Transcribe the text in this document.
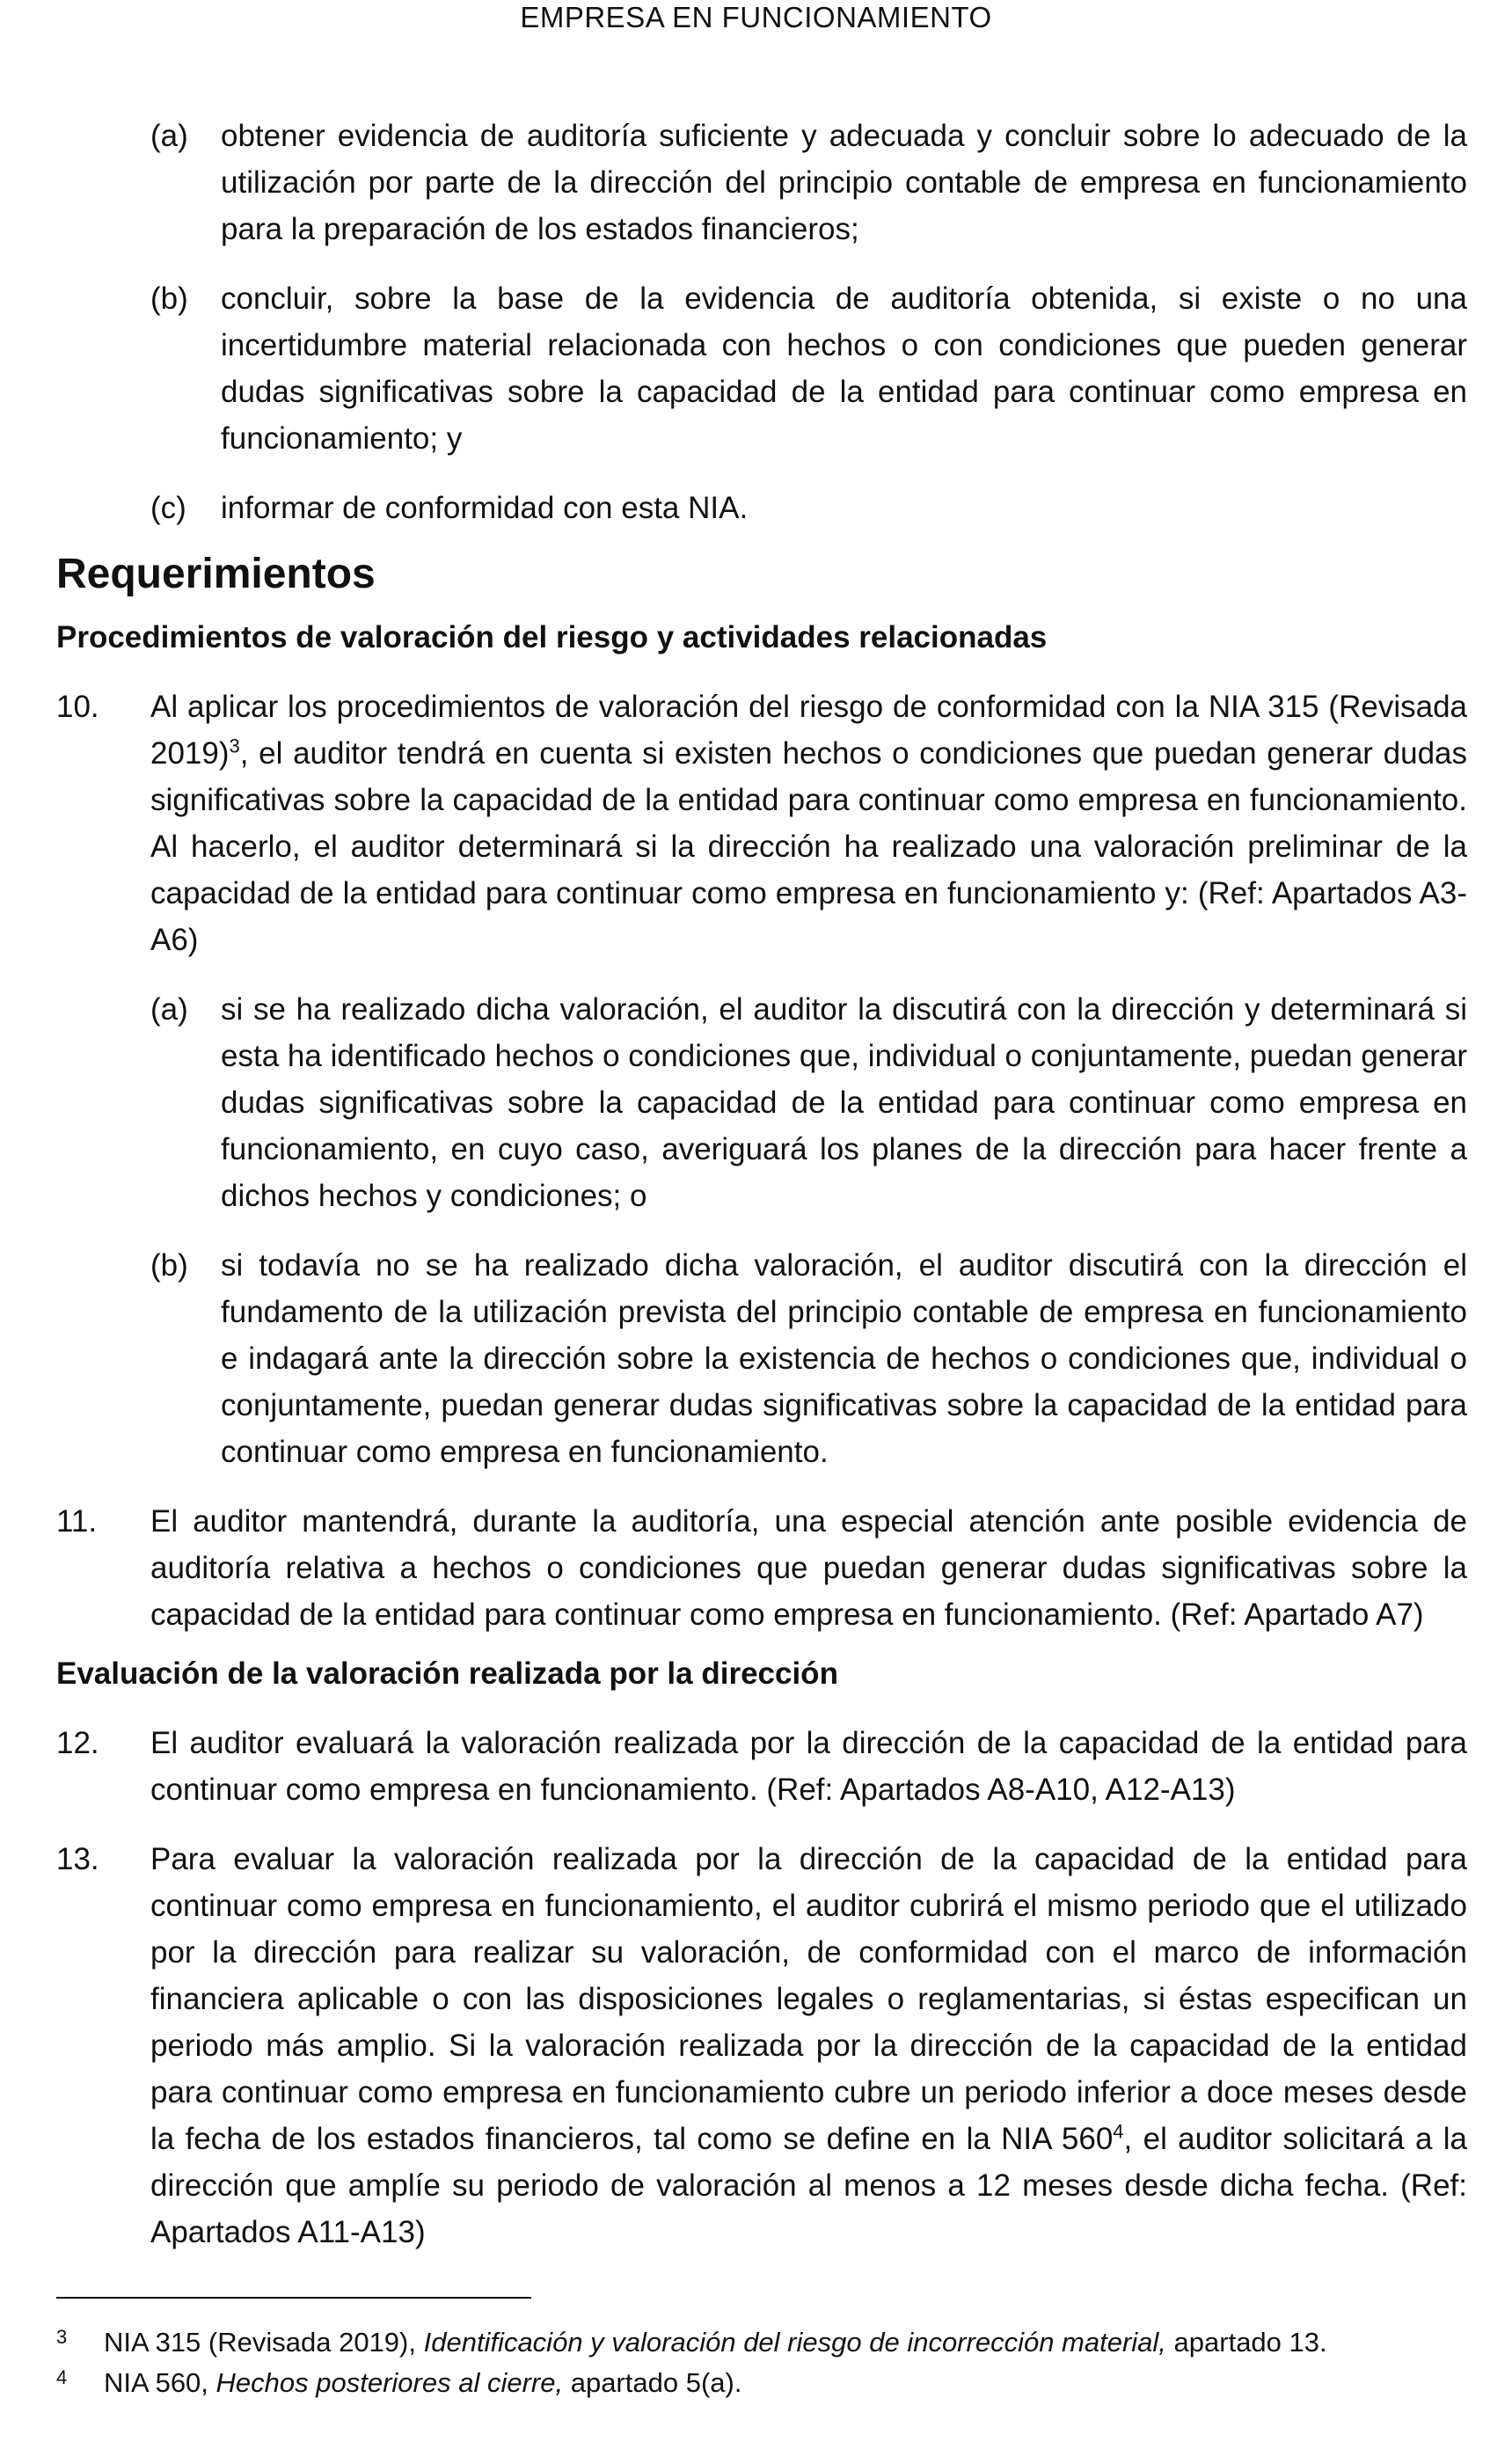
EMPRESA EN FUNCIONAMIENTO
(a)	obtener evidencia de auditoría suficiente y adecuada y concluir sobre lo adecuado de la utilización por parte de la dirección del principio contable de empresa en funcionamiento para la preparación de los estados financieros;
(b)	concluir, sobre la base de la evidencia de auditoría obtenida, si existe o no una incertidumbre material relacionada con hechos o con condiciones que pueden generar dudas significativas sobre la capacidad de la entidad para continuar como empresa en funcionamiento; y
(c)	informar de conformidad con esta NIA.
Requerimientos
Procedimientos de valoración del riesgo y actividades relacionadas
10.	Al aplicar los procedimientos de valoración del riesgo de conformidad con la NIA 315 (Revisada 2019)$^3$, el auditor tendrá en cuenta si existen hechos o condiciones que puedan generar dudas significativas sobre la capacidad de la entidad para continuar como empresa en funcionamiento. Al hacerlo, el auditor determinará si la dirección ha realizado una valoración preliminar de la capacidad de la entidad para continuar como empresa en funcionamiento y: (Ref: Apartados A3-A6)
(a)	si se ha realizado dicha valoración, el auditor la discutirá con la dirección y determinará si esta ha identificado hechos o condiciones que, individual o conjuntamente, puedan generar dudas significativas sobre la capacidad de la entidad para continuar como empresa en funcionamiento, en cuyo caso, averiguará los planes de la dirección para hacer frente a dichos hechos y condiciones; o
(b)	si todavía no se ha realizado dicha valoración, el auditor discutirá con la dirección el fundamento de la utilización prevista del principio contable de empresa en funcionamiento e indagará ante la dirección sobre la existencia de hechos o condiciones que, individual o conjuntamente, puedan generar dudas significativas sobre la capacidad de la entidad para continuar como empresa en funcionamiento.
11.	El auditor mantendrá, durante la auditoría, una especial atención ante posible evidencia de auditoría relativa a hechos o condiciones que puedan generar dudas significativas sobre la capacidad de la entidad para continuar como empresa en funcionamiento. (Ref: Apartado A7)
Evaluación de la valoración realizada por la dirección
12.	El auditor evaluará la valoración realizada por la dirección de la capacidad de la entidad para continuar como empresa en funcionamiento. (Ref: Apartados A8-A10, A12-A13)
13.	Para evaluar la valoración realizada por la dirección de la capacidad de la entidad para continuar como empresa en funcionamiento, el auditor cubrirá el mismo periodo que el utilizado por la dirección para realizar su valoración, de conformidad con el marco de información financiera aplicable o con las disposiciones legales o reglamentarias, si éstas especifican un periodo más amplio. Si la valoración realizada por la dirección de la capacidad de la entidad para continuar como empresa en funcionamiento cubre un periodo inferior a doce meses desde la fecha de los estados financieros, tal como se define en la NIA $560^4$, el auditor solicitará a la dirección que amplíe su periodo de valoración al menos a 12 meses desde dicha fecha. (Ref: Apartados A11-A13)
3	NIA 315 (Revisada 2019), Identificación y valoración del riesgo de incorrección material, apartado 13.
4	NIA 560, Hechos posteriores al cierre, apartado 5(a).
